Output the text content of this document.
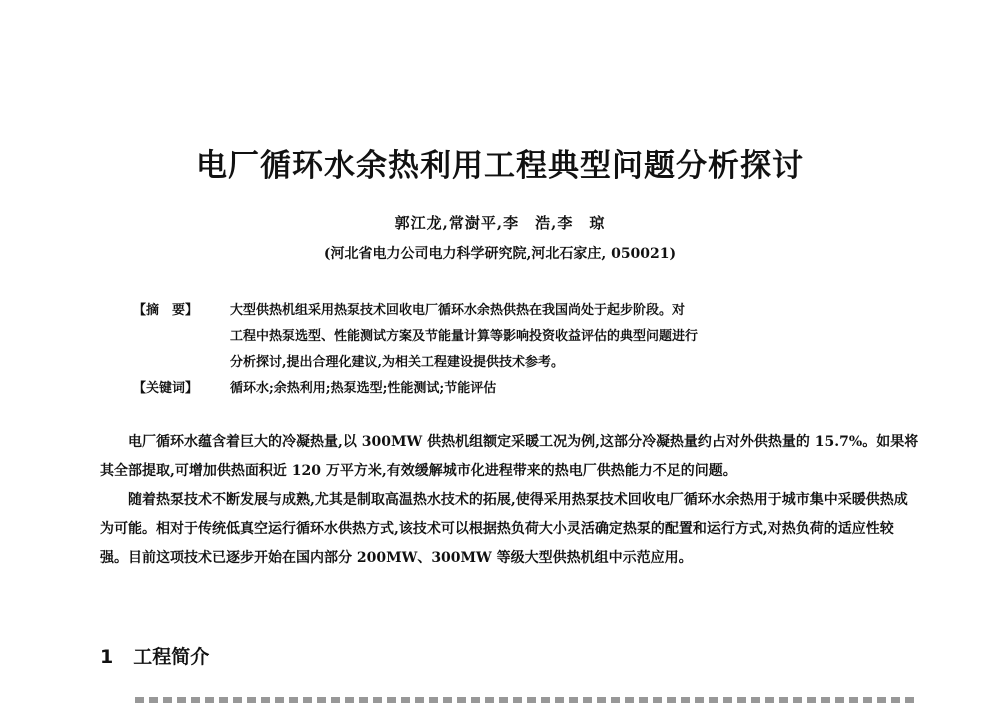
电厂循环水余热利用工程典型问题分析探讨
郭江龙,常澍平,李　浩,李　琼
(河北省电力公司电力科学研究院,河北石家庄, 050021)
【摘　要】	大型供热机组采用热泵技术回收电厂循环水余热供热在我国尚处于起步阶段。对
工程中热泵选型、性能测试方案及节能量计算等影响投资收益评估的典型问题进行
分析探讨,提出合理化建议,为相关工程建设提供技术参考。
【关键词】	循环水;余热利用;热泵选型;性能测试;节能评估

电厂循环水蕴含着巨大的冷凝热量,以 300MW 供热机组额定采暖工况为例,这部分冷凝热量约占对外供热量的 15.7%。如果将其全部提取,可增加供热面积近 120 万平方米,有效缓解城市化进程带来的热电厂供热能力不足的问题。

随着热泵技术不断发展与成熟,尤其是制取高温热水技术的拓展,使得采用热泵技术回收电厂循环水余热用于城市集中采暖供热成为可能。相对于传统低真空运行循环水供热方式,该技术可以根据热负荷大小灵活确定热泵的配置和运行方式,对热负荷的适应性较强。目前这项技术已逐步开始在国内部分 200MW、300MW 等级大型供热机组中示范应用。

1 工程简介
